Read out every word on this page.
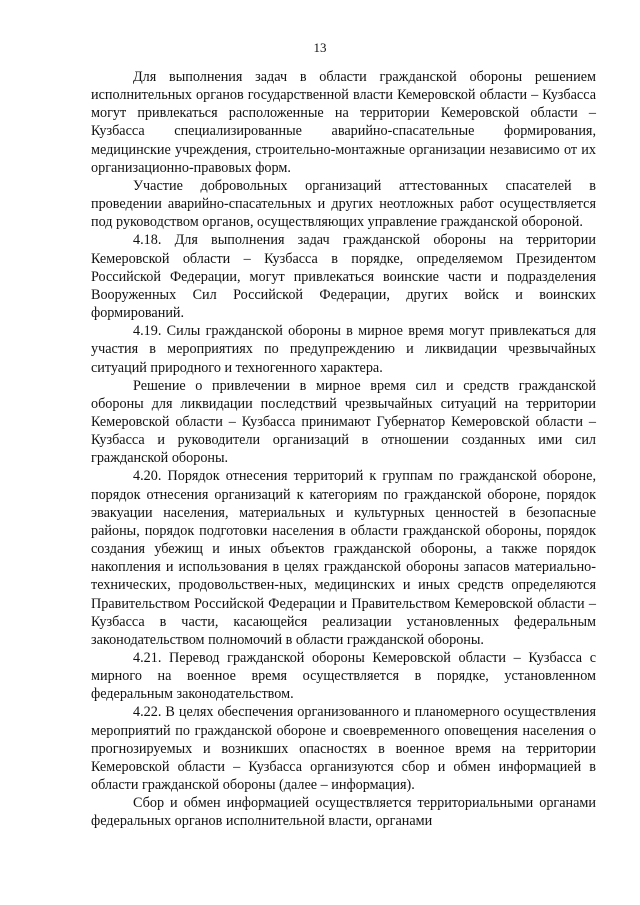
13

Для выполнения задач в области гражданской обороны решением исполнительных органов государственной власти Кемеровской области – Кузбасса могут привлекаться расположенные на территории Кемеровской области – Кузбасса специализированные аварийно-спасательные формирования, медицинские учреждения, строительно-монтажные организации независимо от их организационно-правовых форм.

Участие добровольных организаций аттестованных спасателей в проведении аварийно-спасательных и других неотложных работ осуществляется под руководством органов, осуществляющих управление гражданской обороной.

4.18. Для выполнения задач гражданской обороны на территории Кемеровской области – Кузбасса в порядке, определяемом Президентом Российской Федерации, могут привлекаться воинские части и подразделения Вооруженных Сил Российской Федерации, других войск и воинских формирований.

4.19. Силы гражданской обороны в мирное время могут привлекаться для участия в мероприятиях по предупреждению и ликвидации чрезвычайных ситуаций природного и техногенного характера.

Решение о привлечении в мирное время сил и средств гражданской обороны для ликвидации последствий чрезвычайных ситуаций на территории Кемеровской области – Кузбасса принимают Губернатор Кемеровской области – Кузбасса и руководители организаций в отношении созданных ими сил гражданской обороны.

4.20. Порядок отнесения территорий к группам по гражданской обороне, порядок отнесения организаций к категориям по гражданской обороне, порядок эвакуации населения, материальных и культурных ценностей в безопасные районы, порядок подготовки населения в области гражданской обороны, порядок создания убежищ и иных объектов гражданской обороны, а также порядок накопления и использования в целях гражданской обороны запасов материально-технических, продовольствен-ных, медицинских и иных средств определяются Правительством Российской Федерации и Правительством Кемеровской области – Кузбасса в части, касающейся реализации установленных федеральным законодательством полномочий в области гражданской обороны.

4.21. Перевод гражданской обороны Кемеровской области – Кузбасса с мирного на военное время осуществляется в порядке, установленном федеральным законодательством.

4.22. В целях обеспечения организованного и планомерного осуществления мероприятий по гражданской обороне и своевременного оповещения населения о прогнозируемых и возникших опасностях в военное время на территории Кемеровской области – Кузбасса организуются сбор и обмен информацией в области гражданской обороны (далее – информация).

Сбор и обмен информацией осуществляется территориальными органами федеральных органов исполнительной власти, органами
